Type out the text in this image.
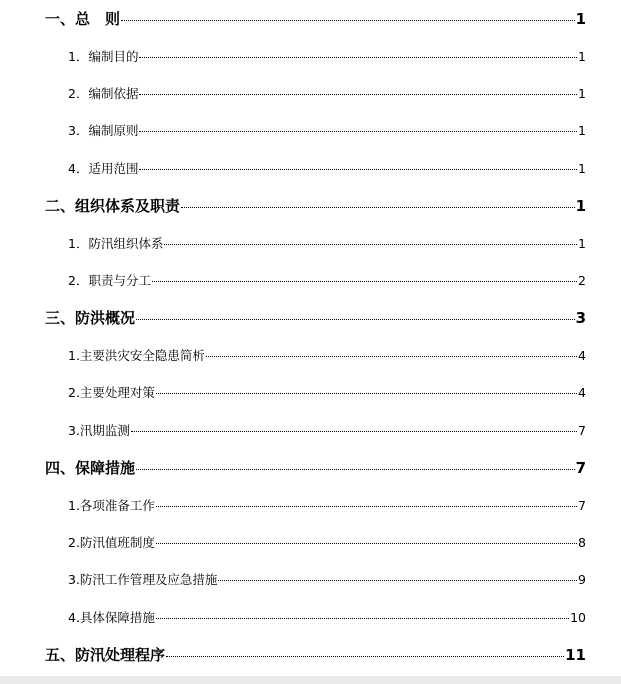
一、总　则	1
1．编制目的	1
2．编制依据	1
3．编制原则	1
4．适用范围	1
二、组织体系及职责	1
1．防汛组织体系	1
2．职责与分工	2
三、防洪概况	3
1.主要洪灾安全隐患简析	4
2.主要处理对策	4
3.汛期监测	7
四、保障措施	7
1.各项准备工作	7
2.防汛值班制度	8
3.防汛工作管理及应急措施	9
4.具体保障措施	10
五、防汛处理程序	11
